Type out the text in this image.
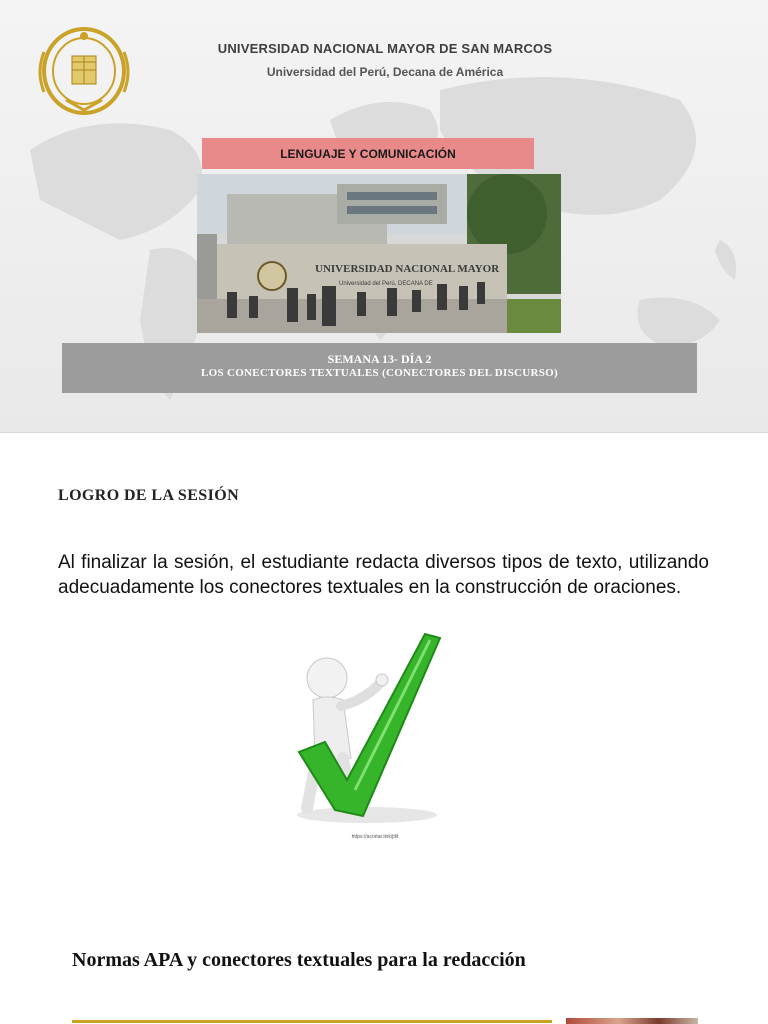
UNIVERSIDAD NACIONAL MAYOR DE SAN MARCOS
Universidad del Perú, Decana de América
LENGUAJE Y COMUNICACIÓN
UNIVERSIDAD NACIONAL MAYOR
Universidad del Perú, DECANA DE
SEMANA 13- DÍA 2
LOS CONECTORES TEXTUALES (CONECTORES DEL DISCURSO)
LOGRO DE LA SESIÓN
Al finalizar la sesión, el estudiante redacta diversos tipos de texto, utilizando adecuadamente los conectores textuales en la construcción de oraciones.
https://acortar.link/jtlit
Normas APA y conectores textuales para la redacción
